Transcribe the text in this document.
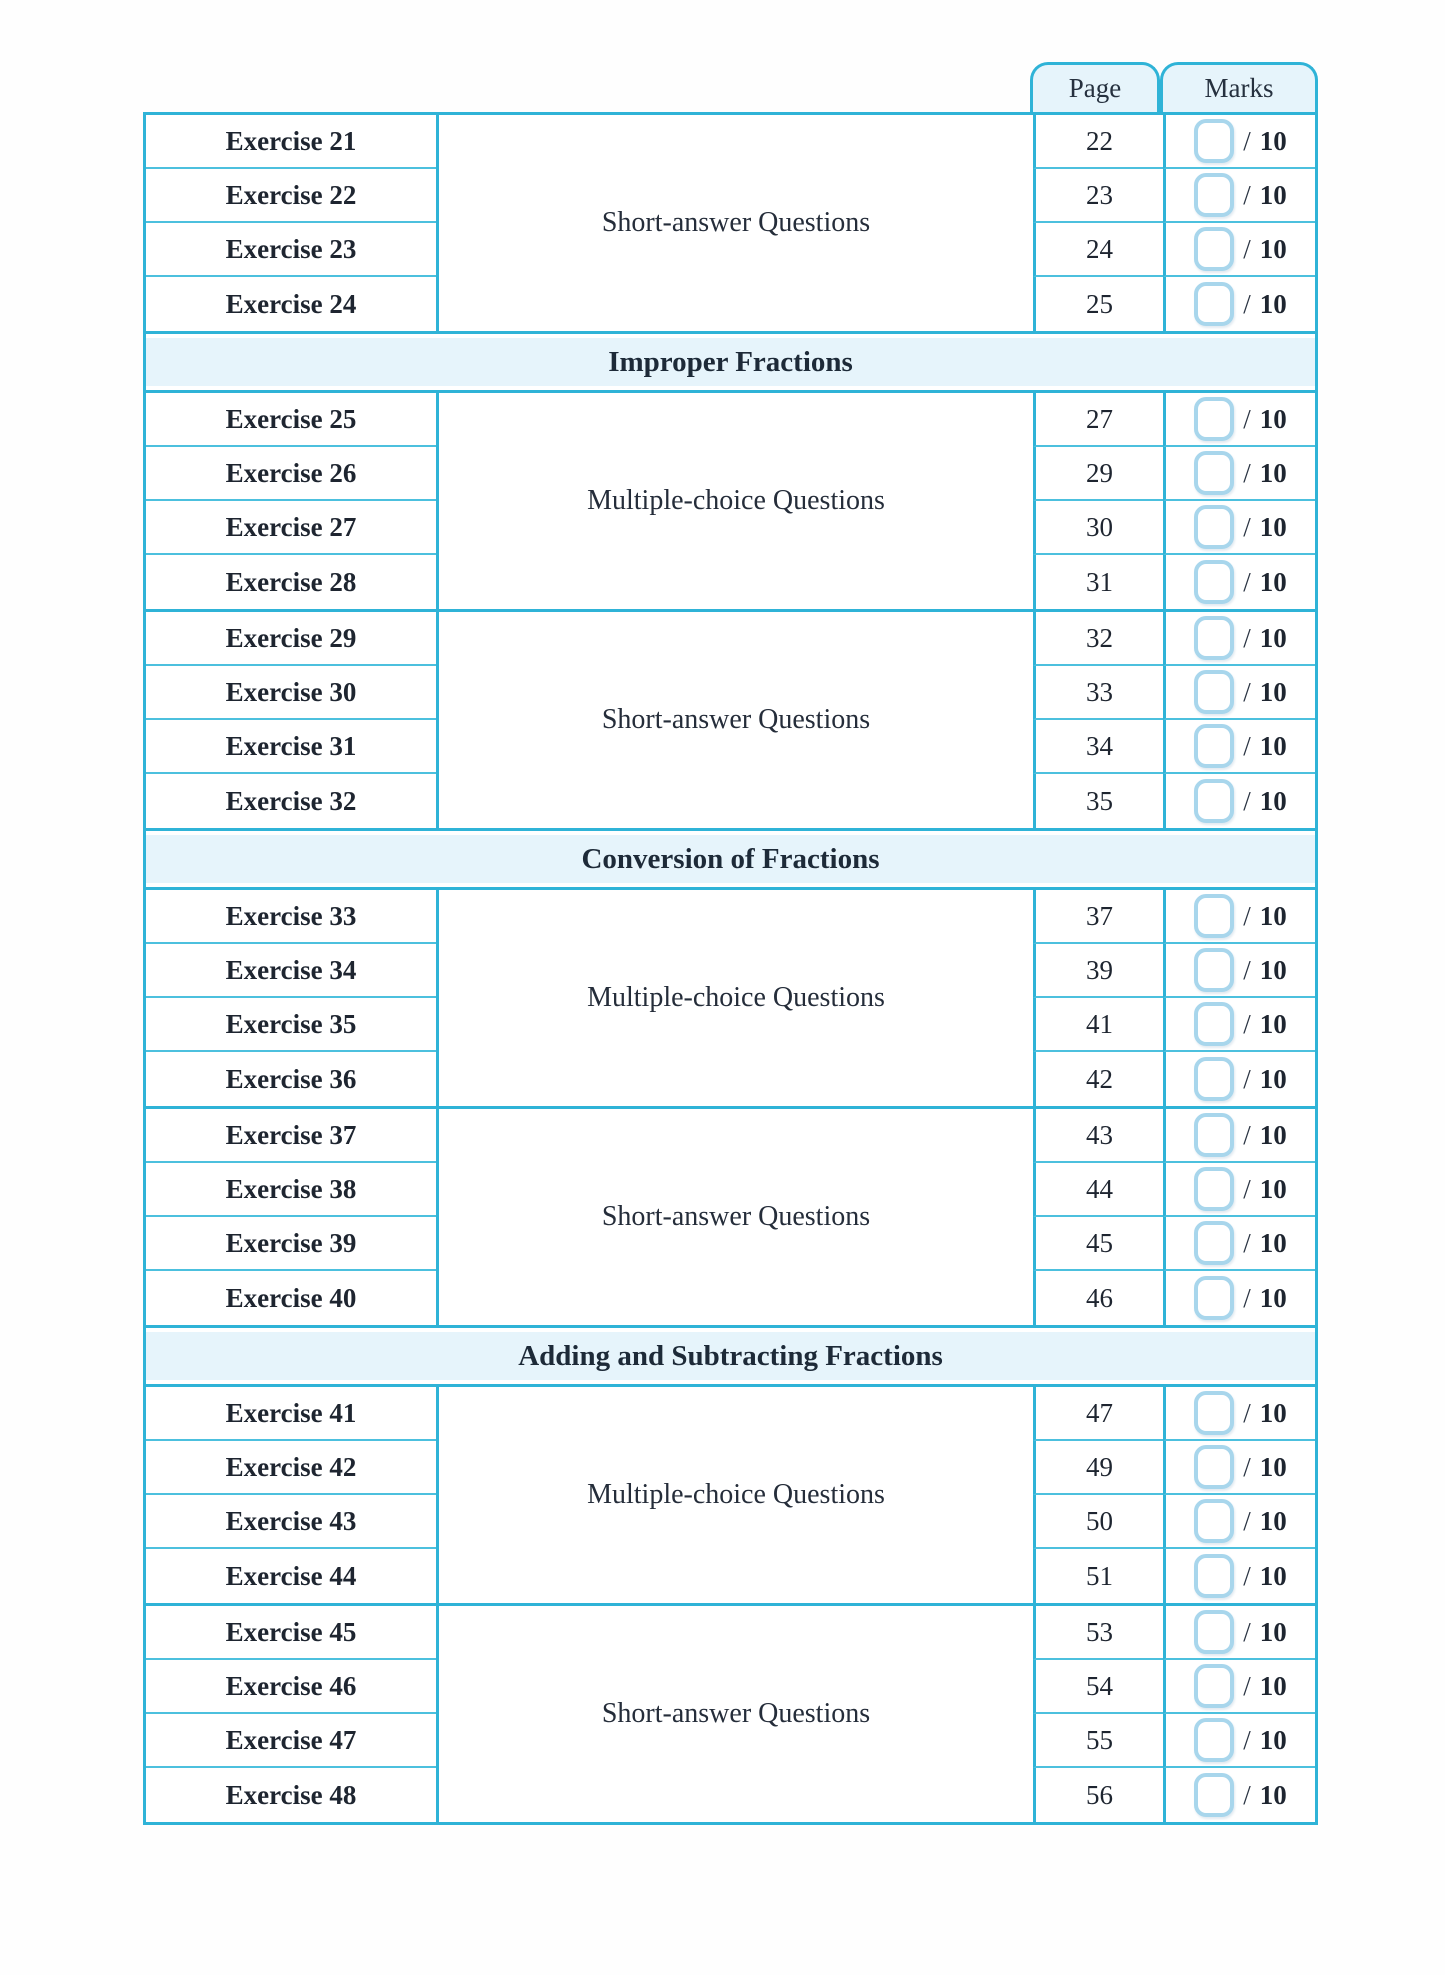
Page	Marks
Exercise 21
Exercise 22
Exercise 23
Exercise 24
Short-answer Questions
22
23
24
25
/ 10
/ 10
/ 10
/ 10
Improper Fractions
Exercise 25
Exercise 26
Exercise 27
Exercise 28
Multiple-choice Questions
27
29
30
31
/ 10
/ 10
/ 10
/ 10
Exercise 29
Exercise 30
Exercise 31
Exercise 32
Short-answer Questions
32
33
34
35
/ 10
/ 10
/ 10
/ 10
Conversion of Fractions
Exercise 33
Exercise 34
Exercise 35
Exercise 36
Multiple-choice Questions
37
39
41
42
/ 10
/ 10
/ 10
/ 10
Exercise 37
Exercise 38
Exercise 39
Exercise 40
Short-answer Questions
43
44
45
46
/ 10
/ 10
/ 10
/ 10
Adding and Subtracting Fractions
Exercise 41
Exercise 42
Exercise 43
Exercise 44
Multiple-choice Questions
47
49
50
51
/ 10
/ 10
/ 10
/ 10
Exercise 45
Exercise 46
Exercise 47
Exercise 48
Short-answer Questions
53
54
55
56
/ 10
/ 10
/ 10
/ 10
